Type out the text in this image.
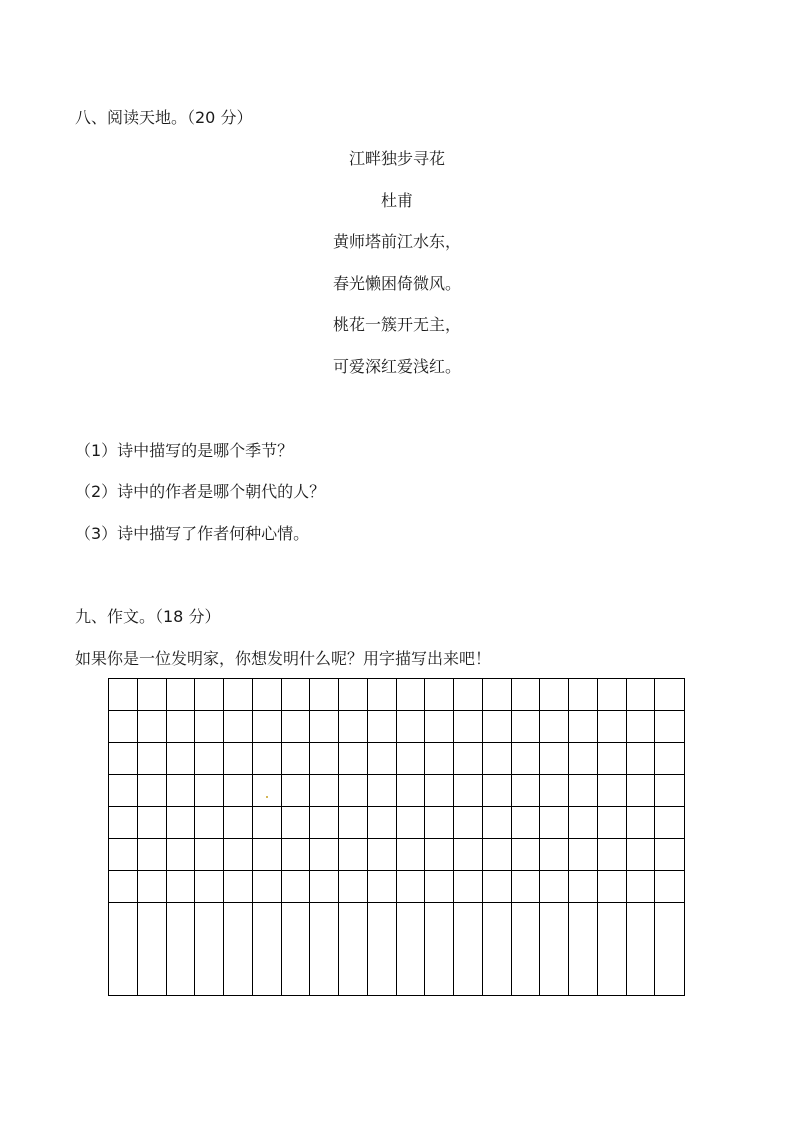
八、阅读天地。（20 分）
江畔独步寻花
杜甫
黄师塔前江水东，
春光懒困倚微风。
桃花一簇开无主，
可爱深红爱浅红。
（1）诗中描写的是哪个季节？
（2）诗中的作者是哪个朝代的人？
（3）诗中描写了作者何种心情。
九、作文。（18 分）
如果你是一位发明家，你想发明什么呢？用字描写出来吧！
